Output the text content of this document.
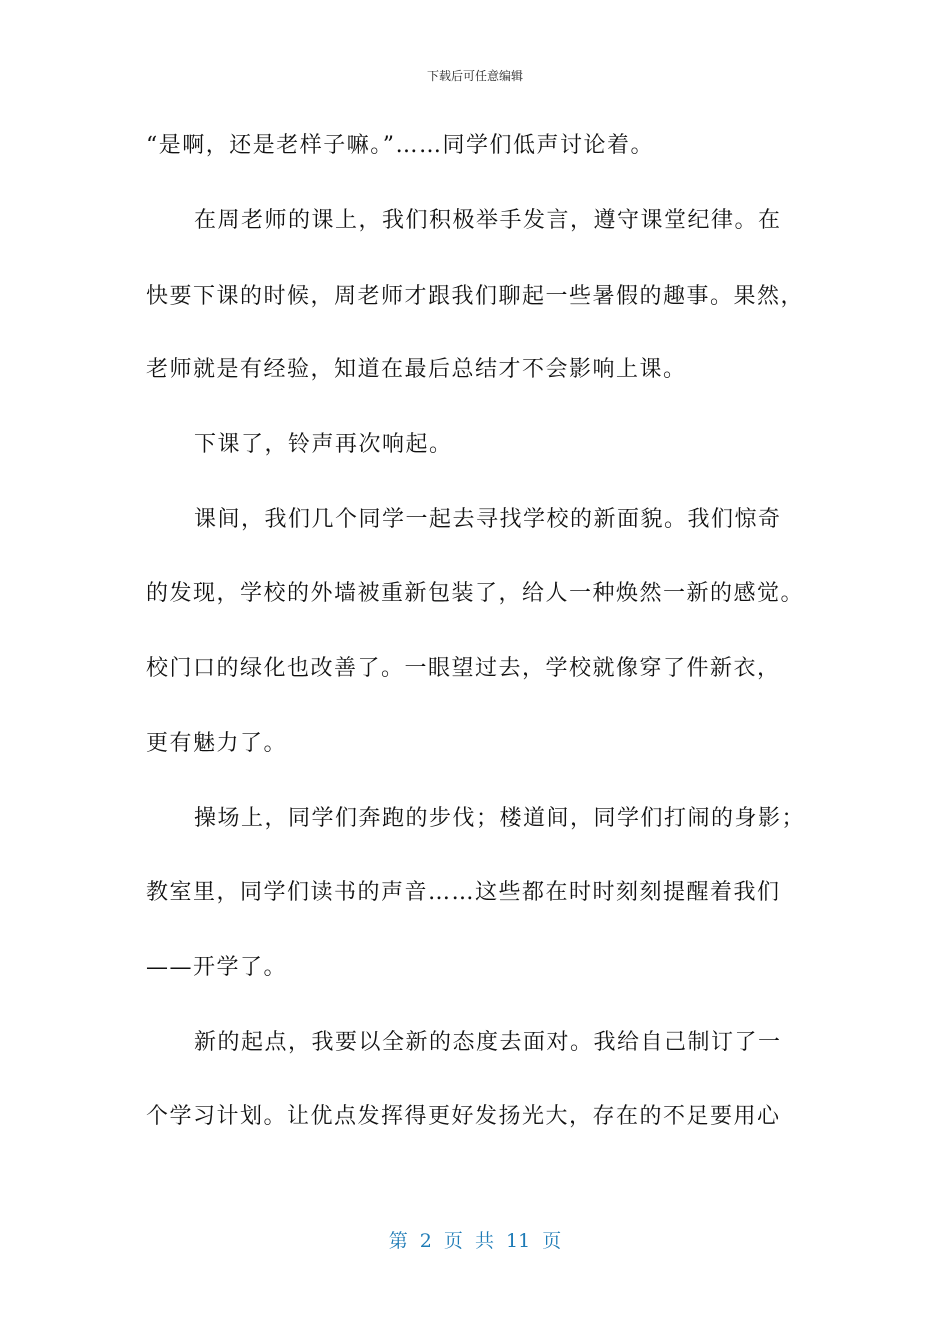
下载后可任意编辑
“是啊，还是老样子嘛。”……同学们低声讨论着。
在周老师的课上，我们积极举手发言，遵守课堂纪律。在
快要下课的时候，周老师才跟我们聊起一些暑假的趣事。果然，
老师就是有经验，知道在最后总结才不会影响上课。
下课了，铃声再次响起。
课间，我们几个同学一起去寻找学校的新面貌。我们惊奇
的发现，学校的外墙被重新包装了，给人一种焕然一新的感觉。
校门口的绿化也改善了。一眼望过去，学校就像穿了件新衣，
更有魅力了。
操场上，同学们奔跑的步伐；楼道间，同学们打闹的身影；
教室里，同学们读书的声音……这些都在时时刻刻提醒着我们
——开学了。
新的起点，我要以全新的态度去面对。我给自己制订了一
个学习计划。让优点发挥得更好发扬光大，存在的不足要用心
第 2 页 共 11 页
